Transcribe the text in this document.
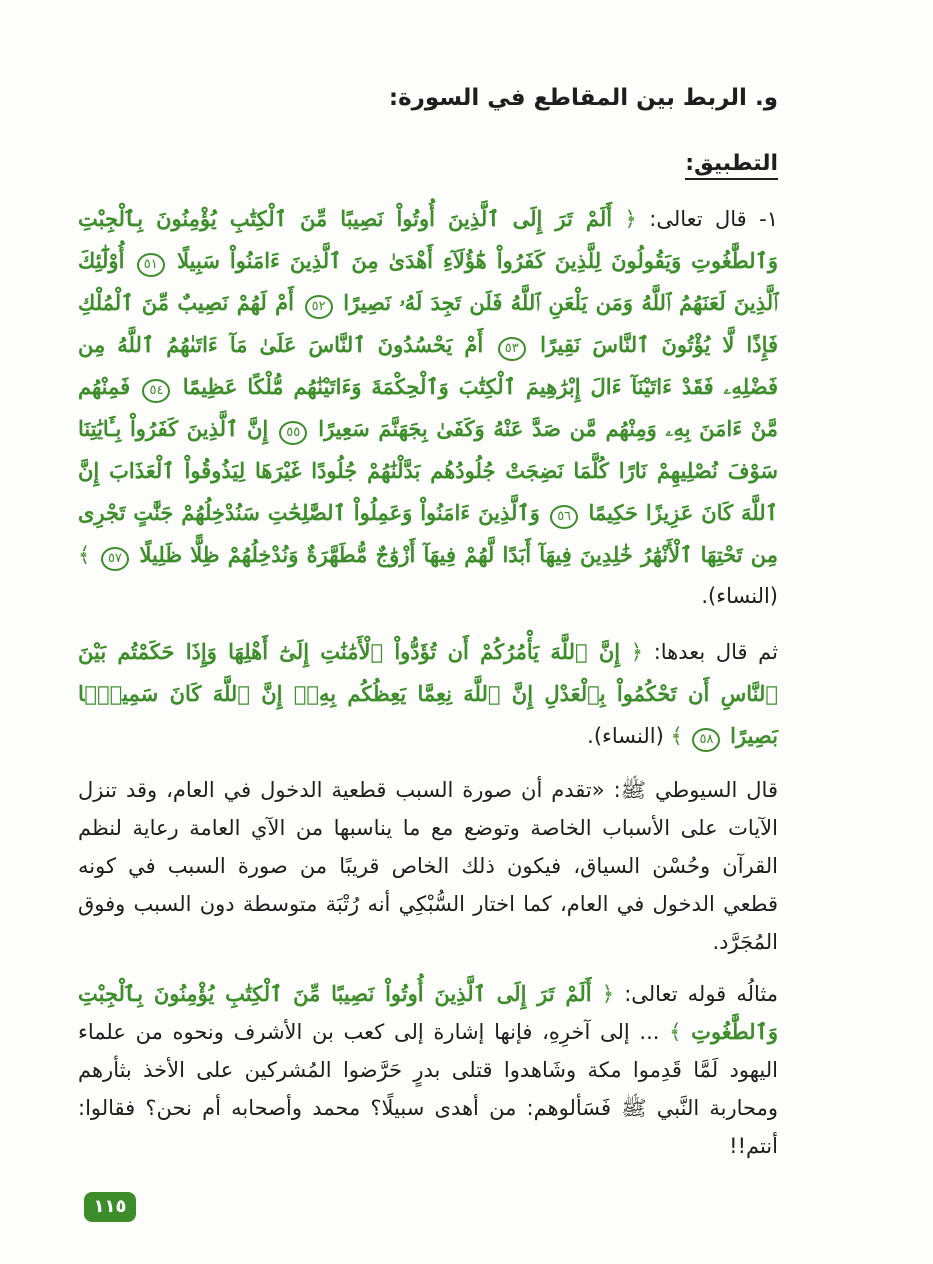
و. الربط بين المقاطع في السورة:
التطبيق:

١- قال تعالى: ﴿ أَلَمْ تَرَ إِلَى ٱلَّذِينَ أُوتُواْ نَصِيبًا مِّنَ ٱلْكِتَٰبِ يُؤْمِنُونَ بِٱلْجِبْتِ وَٱلطَّٰغُوتِ وَيَقُولُونَ لِلَّذِينَ كَفَرُواْ هَٰٓؤُلَآءِ أَهْدَىٰ مِنَ ٱلَّذِينَ ءَامَنُواْ سَبِيلًا ٥١ أُوْلَٰٓئِكَ ٱلَّذِينَ لَعَنَهُمُ ٱللَّهُ وَمَن يَلْعَنِ ٱللَّهُ فَلَن تَجِدَ لَهُۥ نَصِيرًا ٥٢ أَمْ لَهُمْ نَصِيبٌ مِّنَ ٱلْمُلْكِ فَإِذًا لَّا يُؤْتُونَ ٱلنَّاسَ نَقِيرًا ٥٣ أَمْ يَحْسُدُونَ ٱلنَّاسَ عَلَىٰ مَآ ءَاتَىٰهُمُ ٱللَّهُ مِن فَضْلِهِۦ فَقَدْ ءَاتَيْنَآ ءَالَ إِبْرَٰهِيمَ ٱلْكِتَٰبَ وَٱلْحِكْمَةَ وَءَاتَيْنَٰهُم مُّلْكًا عَظِيمًا ٥٤ فَمِنْهُم مَّنْ ءَامَنَ بِهِۦ وَمِنْهُم مَّن صَدَّ عَنْهُ وَكَفَىٰ بِجَهَنَّمَ سَعِيرًا ٥٥ إِنَّ ٱلَّذِينَ كَفَرُواْ بِـَٔايَٰتِنَا سَوْفَ نُصْلِيهِمْ نَارًا كُلَّمَا نَضِجَتْ جُلُودُهُم بَدَّلْنَٰهُمْ جُلُودًا غَيْرَهَا لِيَذُوقُواْ ٱلْعَذَابَ إِنَّ ٱللَّهَ كَانَ عَزِيزًا حَكِيمًا ٥٦ وَٱلَّذِينَ ءَامَنُواْ وَعَمِلُواْ ٱلصَّٰلِحَٰتِ سَنُدْخِلُهُمْ جَنَّٰتٍ تَجْرِى مِن تَحْتِهَا ٱلْأَنْهَٰرُ خَٰلِدِينَ فِيهَآ أَبَدًا لَّهُمْ فِيهَآ أَزْوَٰجٌ مُّطَهَّرَةٌ وَنُدْخِلُهُمْ ظِلًّا ظَلِيلًا ٥٧ ﴾ (النساء).

ثم قال بعدها: ﴿ إِنَّ ٱللَّهَ يَأْمُرُكُمْ أَن تُؤَدُّواْ ٱلْأَمَٰنَٰتِ إِلَىٰٓ أَهْلِهَا وَإِذَا حَكَمْتُم بَيْنَ ٱلنَّاسِ أَن تَحْكُمُواْ بِٱلْعَدْلِ إِنَّ ٱللَّهَ نِعِمَّا يَعِظُكُم بِهِۦٓ إِنَّ ٱللَّهَ كَانَ سَمِيعًۢا بَصِيرًا ٥٨ ﴾ (النساء).

قال السيوطي ﷺ: «تقدم أن صورة السبب قطعية الدخول في العام، وقد تنزل الآيات على الأسباب الخاصة وتوضع مع ما يناسبها من الآي العامة رعاية لنظم القرآن وحُسْن السياق، فيكون ذلك الخاص قريبًا من صورة السبب في كونه قطعي الدخول في العام، كما اختار السُّبْكِي أنه رُتْبَة متوسطة دون السبب وفوق المُجَرَّد.

مثالُه قوله تعالى: ﴿ أَلَمْ تَرَ إِلَى ٱلَّذِينَ أُوتُواْ نَصِيبًا مِّنَ ٱلْكِتَٰبِ يُؤْمِنُونَ بِٱلْجِبْتِ وَٱلطَّٰغُوتِ ﴾ ... إلى آخرِهِ، فإنها إشارة إلى كعب بن الأشرف ونحوه من علماء اليهود لَمَّا قَدِموا مكة وشَاهدوا قتلى بدرٍ حَرَّضوا المُشركين على الأخذ بثأرهم ومحاربة النَّبي ﷺ فَسَألوهم: من أهدى سبيلًا؟ محمد وأصحابه أم نحن؟ فقالوا: أنتم!!

١١٥
